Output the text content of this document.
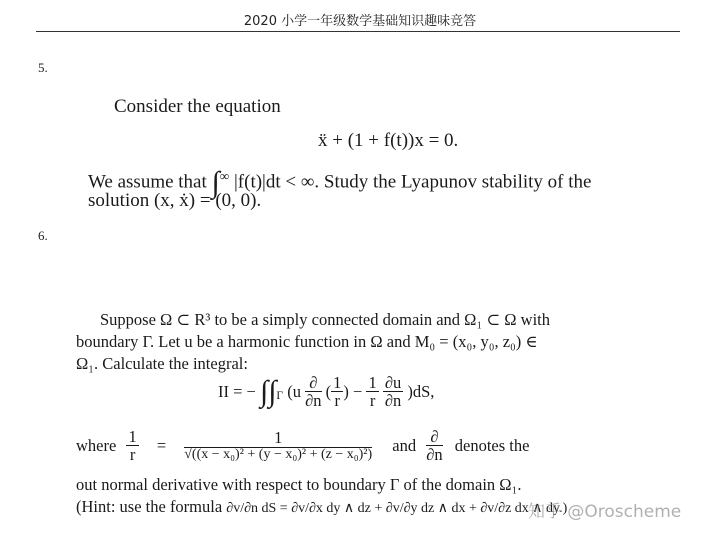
2020 小学一年级数学基础知识趣味竞答
5.
Consider the equation
ẍ + (1 + f(t))x = 0.
We assume that ∫∞ |f(t)|dt < ∞. Study the Lyapunov stability of the
solution (x, ẋ) = (0, 0).
6.
Suppose Ω ⊂ R³ to be a simply connected domain and Ω₁ ⊂ Ω with
boundary Γ. Let u be a harmonic function in Ω and M₀ = (x₀, y₀, z₀) ∈
Ω₁. Calculate the integral:
II = − $\int\int_\Gamma$ ($u \frac{\partial}{\partial n}$ ( $\frac{1}{r}$ ) − $\frac{1}{r}$
$\frac{\partial u}{\partial n} )dS$,
where $\frac{1}{r} = \frac{1}{\text{√((x − x₀)² + (y − x₀)² + (z − x₀)²)}}$ and $\frac{\partial}{\partial n}$ denotes the
out normal derivative with respect to boundary Γ of the domain Ω₁.
(Hint: use the formula ∂v/∂n dS = ∂v/∂x dy ∧ dz + ∂v/∂y dz ∧ dx + ∂v/∂z dx ∧ dy.)
知乎 @Oroscheme
